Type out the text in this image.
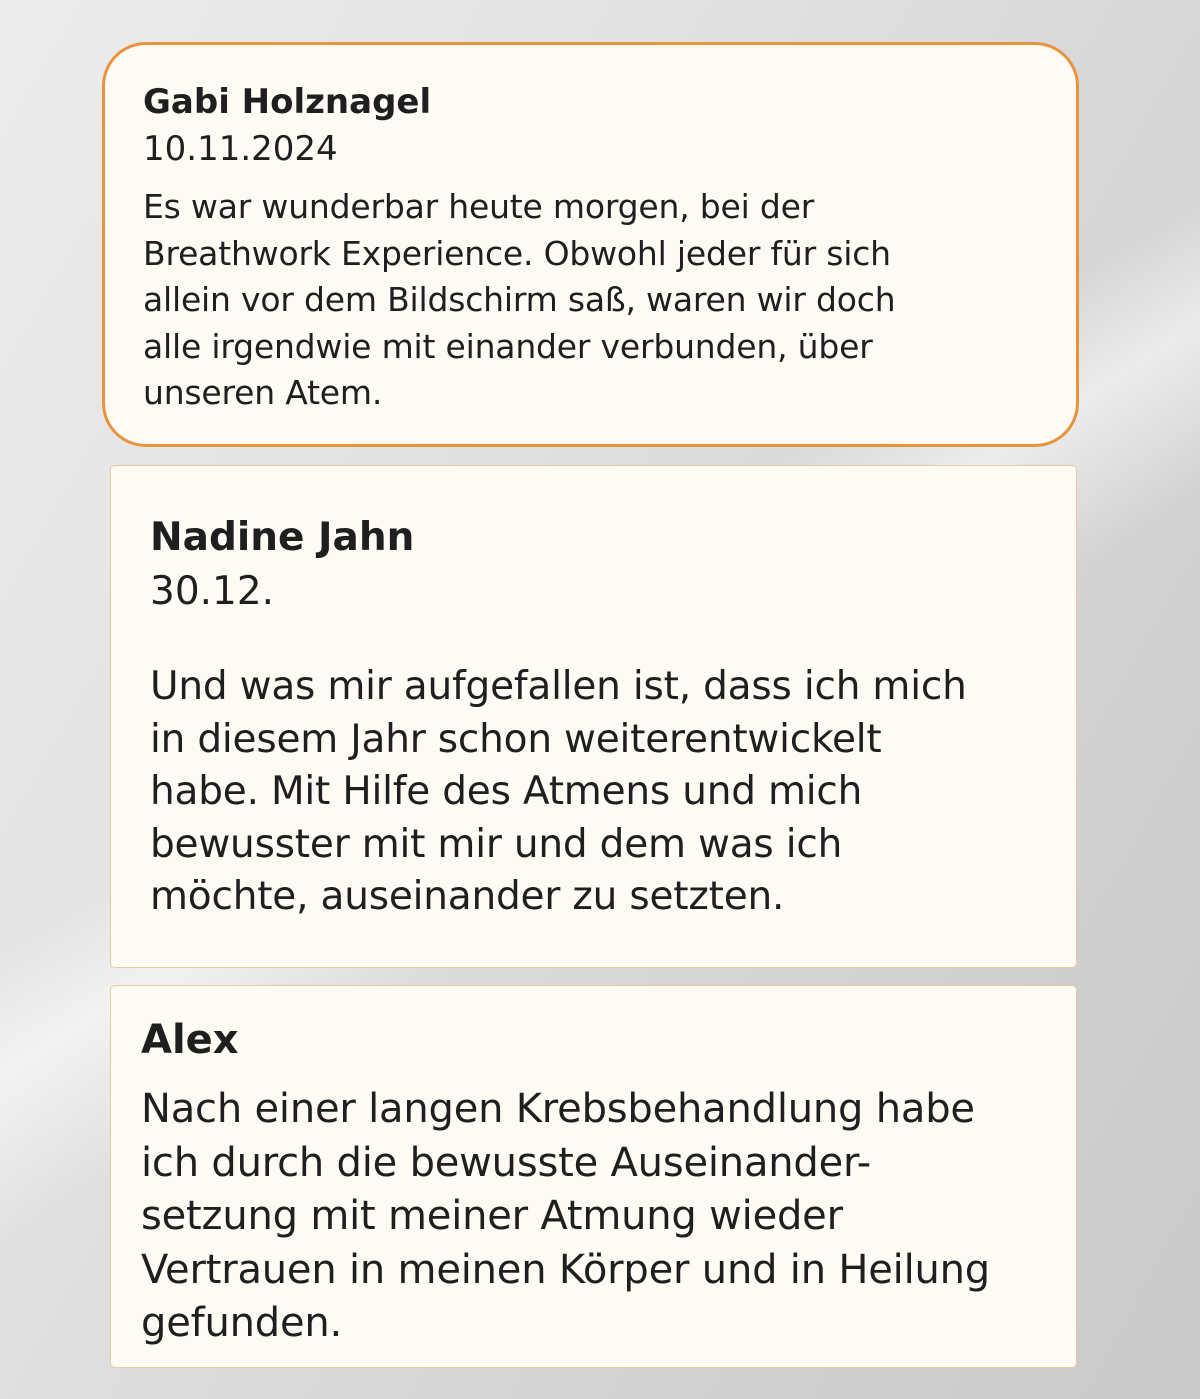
Gabi Holznagel
10.11.2024
Es war wunderbar heute morgen, bei der
Breathwork Experience. Obwohl jeder für sich
allein vor dem Bildschirm saß, waren wir doch
alle irgendwie mit einander verbunden, über
unseren Atem.
Nadine Jahn
30.12.
Und was mir aufgefallen ist, dass ich mich
in diesem Jahr schon weiterentwickelt
habe. Mit Hilfe des Atmens und mich
bewusster mit mir und dem was ich
möchte, auseinander zu setzten.
Alex
Nach einer langen Krebsbehandlung habe
ich durch die bewusste Auseinander-
setzung mit meiner Atmung wieder
Vertrauen in meinen Körper und in Heilung
gefunden.
